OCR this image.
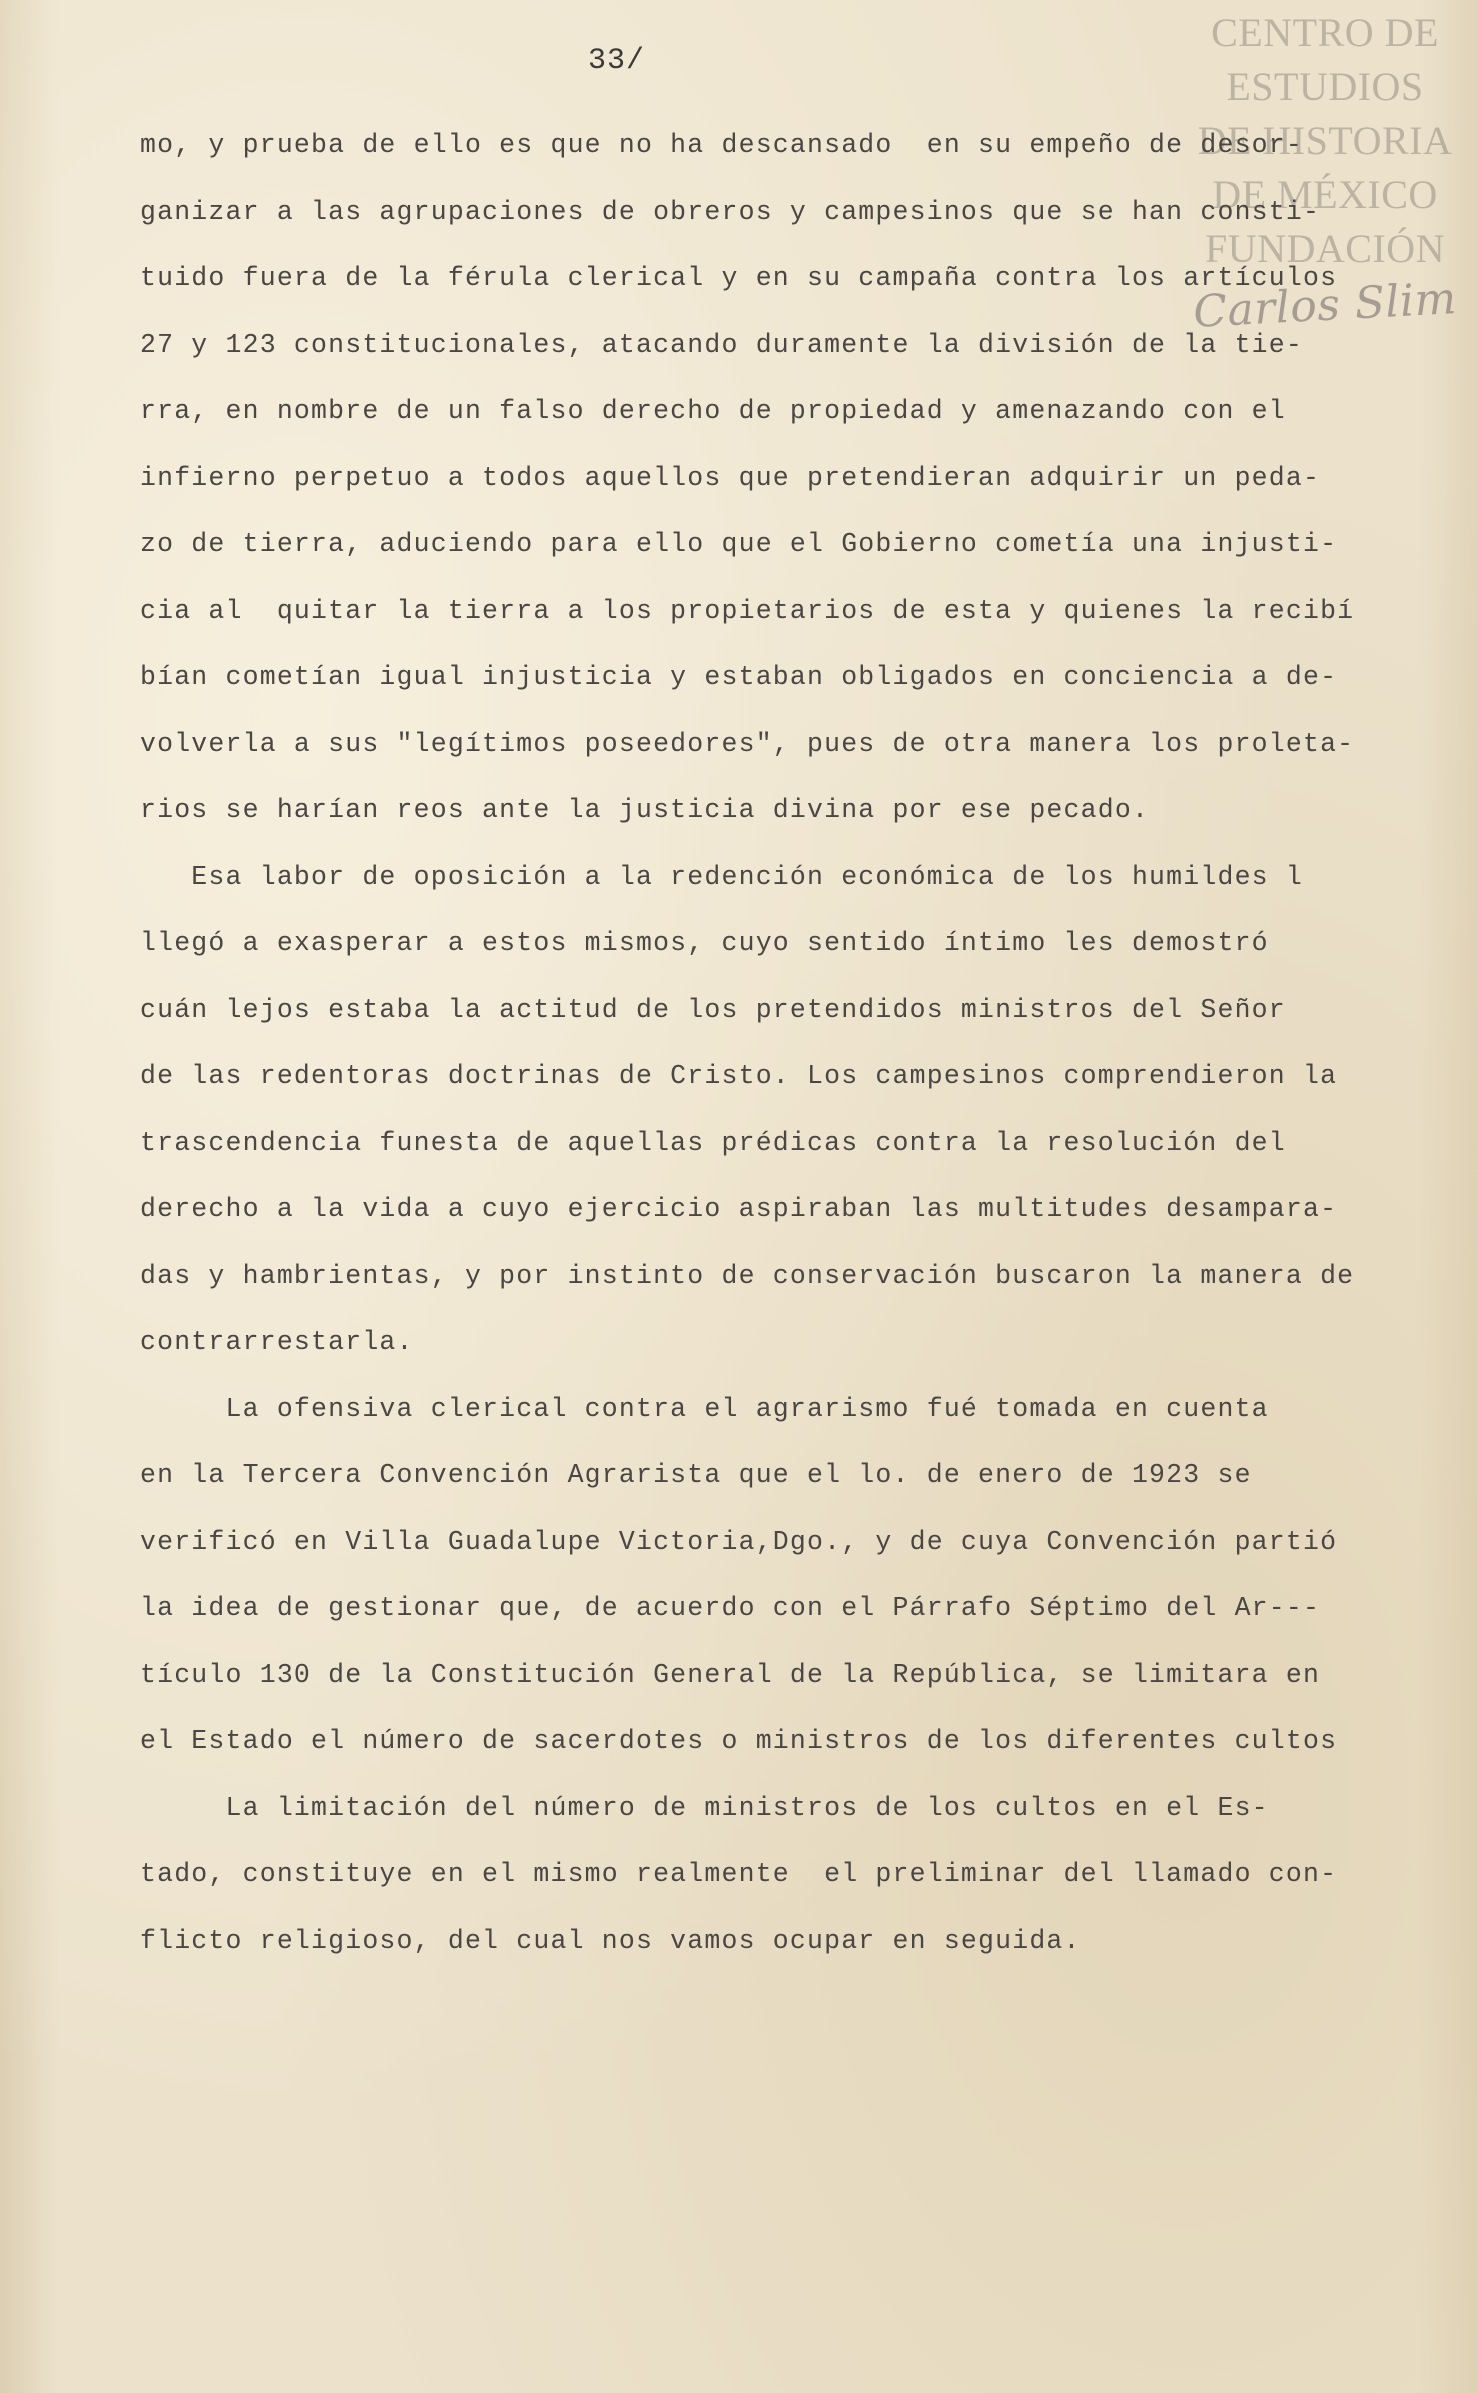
33/
CENTRO DE
ESTUDIOS
DE HISTORIA
DE MÉXICO
FUNDACIÓN
Carlos Slim
mo, y prueba de ello es que no ha descansado  en su empeño de desor-
ganizar a las agrupaciones de obreros y campesinos que se han consti-
tuido fuera de la férula clerical y en su campaña contra los artículos
27 y 123 constitucionales, atacando duramente la división de la tie-
rra, en nombre de un falso derecho de propiedad y amenazando con el
infierno perpetuo a todos aquellos que pretendieran adquirir un peda-
zo de tierra, aduciendo para ello que el Gobierno cometía una injusti-
cia al  quitar la tierra a los propietarios de esta y quienes la recibí
bían cometían igual injusticia y estaban obligados en conciencia a de-
volverla a sus "legítimos poseedores", pues de otra manera los proleta-
rios se harían reos ante la justicia divina por ese pecado.
Esa labor de oposición a la redención económica de los humildes l
llegó a exasperar a estos mismos, cuyo sentido íntimo les demostró
cuán lejos estaba la actitud de los pretendidos ministros del Señor
de las redentoras doctrinas de Cristo. Los campesinos comprendieron la
trascendencia funesta de aquellas prédicas contra la resolución del
derecho a la vida a cuyo ejercicio aspiraban las multitudes desampara-
das y hambrientas, y por instinto de conservación buscaron la manera de
contrarrestarla.
La ofensiva clerical contra el agrarismo fué tomada en cuenta
en la Tercera Convención Agrarista que el lo. de enero de 1923 se
verificó en Villa Guadalupe Victoria,Dgo., y de cuya Convención partió
la idea de gestionar que, de acuerdo con el Párrafo Séptimo del Ar---
tículo 130 de la Constitución General de la República, se limitara en
el Estado el número de sacerdotes o ministros de los diferentes cultos
La limitación del número de ministros de los cultos en el Es-
tado, constituye en el mismo realmente  el preliminar del llamado con-
flicto religioso, del cual nos vamos ocupar en seguida.
